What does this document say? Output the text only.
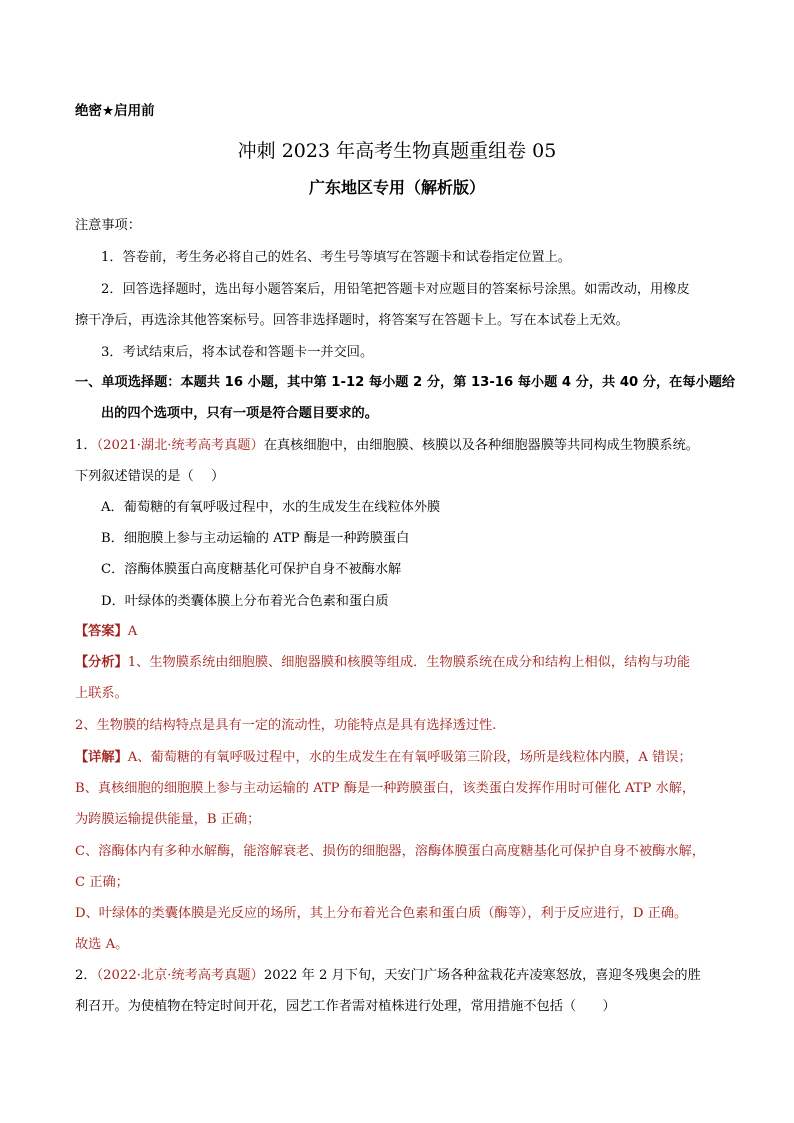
绝密★启用前
冲刺 2023 年高考生物真题重组卷 05
广东地区专用（解析版）
注意事项：
1．答卷前，考生务必将自己的姓名、考生号等填写在答题卡和试卷指定位置上。
2．回答选择题时，选出每小题答案后，用铅笔把答题卡对应题目的答案标号涂黑。如需改动，用橡皮
擦干净后，再选涂其他答案标号。回答非选择题时，将答案写在答题卡上。写在本试卷上无效。
3．考试结束后，将本试卷和答题卡一并交回。
一、单项选择题：本题共 16 小题，其中第 1-12 每小题 2 分，第 13-16 每小题 4 分，共 40 分，在每小题给
出的四个选项中，只有一项是符合题目要求的。
1．（2021·湖北·统考高考真题）在真核细胞中，由细胞膜、核膜以及各种细胞器膜等共同构成生物膜系统。
下列叙述错误的是（　 ）
A．葡萄糖的有氧呼吸过程中，水的生成发生在线粒体外膜
B．细胞膜上参与主动运输的 ATP 酶是一种跨膜蛋白
C．溶酶体膜蛋白高度糖基化可保护自身不被酶水解
D．叶绿体的类囊体膜上分布着光合色素和蛋白质
【答案】A
【分析】1、生物膜系统由细胞膜、细胞器膜和核膜等组成．生物膜系统在成分和结构上相似，结构与功能
上联系。
2、生物膜的结构特点是具有一定的流动性，功能特点是具有选择透过性.
【详解】A、葡萄糖的有氧呼吸过程中，水的生成发生在有氧呼吸第三阶段，场所是线粒体内膜，A 错误；
B、真核细胞的细胞膜上参与主动运输的 ATP 酶是一种跨膜蛋白，该类蛋白发挥作用时可催化 ATP 水解，
为跨膜运输提供能量，B 正确；
C、溶酶体内有多种水解酶，能溶解衰老、损伤的细胞器，溶酶体膜蛋白高度糖基化可保护自身不被酶水解，
C 正确；
D、叶绿体的类囊体膜是光反应的场所，其上分布着光合色素和蛋白质（酶等），利于反应进行，D 正确。
故选 A。
2．（2022·北京·统考高考真题）2022 年 2 月下旬，天安门广场各种盆栽花卉凌寒怒放，喜迎冬残奥会的胜
利召开。为使植物在特定时间开花，园艺工作者需对植株进行处理，常用措施不包括（　　）
